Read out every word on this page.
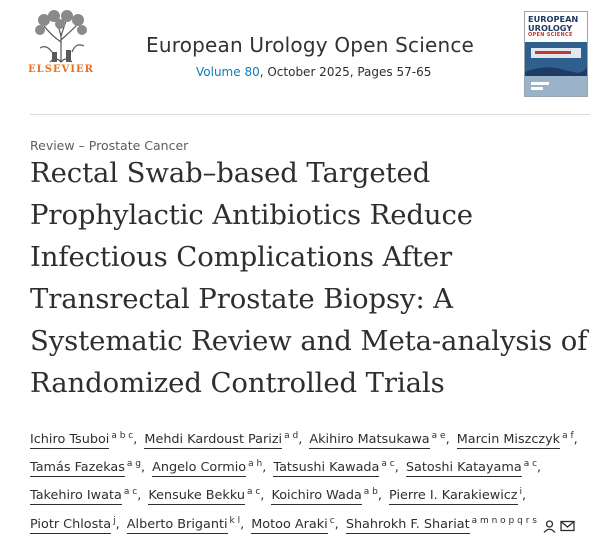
ELSEVIER
European Urology Open Science
Volume 80, October 2025, Pages 57-65
EUROPEAN
UROLOGY
OPEN SCIENCE
Review – Prostate Cancer
Rectal Swab–based Targeted Prophylactic Antibiotics Reduce Infectious Complications After Transrectal Prostate Biopsy: A Systematic Review and Meta-analysis of Randomized Controlled Trials
Ichiro Tsuboi $^{a b c}$, Mehdi Kardoust Parizi $^{a d}$, Akihiro Matsukawa $^{a e}$, Marcin Miszczyk $^{a f}$, Tamás Fazekas $^{a g}$, Angelo Cormio $^{a h}$, Tatsushi Kawada $^{a c}$, Satoshi Katayama $^{a c}$, Takehiro Iwata $^{a c}$, Kensuke Bekku $^{a c}$, Koichiro Wada $^{a b}$, Pierre I. Karakiewicz $^i$, Piotr Chlosta $^j$, Alberto Briganti $^{k l}$, Motoo Araki $^c$, Shahrokh F. Shariat $^{a m n o p q r s}$
